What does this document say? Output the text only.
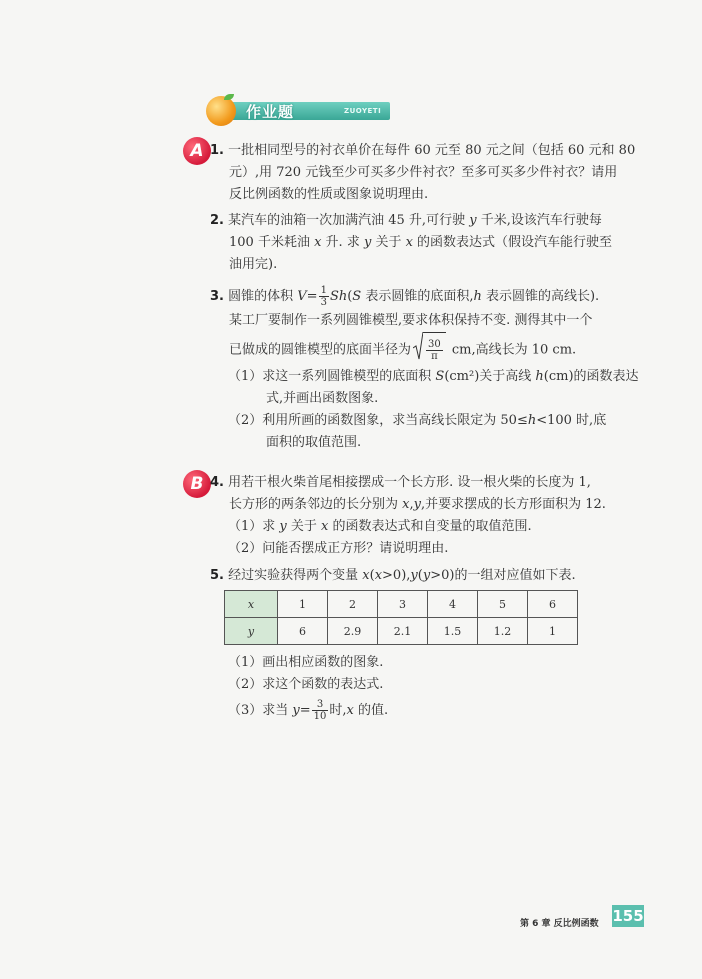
作业题	ZUOYETI
A
B
1. 一批相同型号的衬衣单价在每件 60 元至 80 元之间（包括 60 元和 80
元）,用 720 元钱至少可买多少件衬衣？至多可买多少件衬衣？请用
反比例函数的性质或图象说明理由.
2. 某汽车的油箱一次加满汽油 45 升,可行驶 y 千米,设该汽车行驶每
100 千米耗油 x 升. 求 y 关于 x 的函数表达式（假设汽车能行驶至
油用完).
3. 圆锥的体积 $V= \frac{1}{3} Sh(S$ 表示圆锥的底面积,h 表示圆锥的高线长).
某工厂要制作一系列圆锥模型,要求体积保持不变. 测得其中一个
已做成的圆锥模型的底面半径为 $\frac{30}{\pi}$ cm,高线长为 10 cm.
（1）求这一系列圆锥模型的底面积 S(cm²)关于高线 h(cm)的函数表达
式,并画出函数图象.
（2）利用所画的函数图象，求当高线长限定为 50≤h<100 时,底
面积的取值范围.
4. 用若干根火柴首尾相接摆成一个长方形. 设一根火柴的长度为 1,
长方形的两条邻边的长分别为 x,y,并要求摆成的长方形面积为 12.
（1）求 y 关于 x 的函数表达式和自变量的取值范围.
（2）问能否摆成正方形？请说明理由.
5. 经过实验获得两个变量 x(x>0),y(y>0)的一组对应值如下表.
x	1	2	3	4	5	6
y	6	2.9	2.1	1.5	1.2	1
（1）画出相应函数的图象.
（2）求这个函数的表达式.
（3）求当 $y= \frac{3}{10}$ 时,x 的值.
第 6 章 反比例函数 155
